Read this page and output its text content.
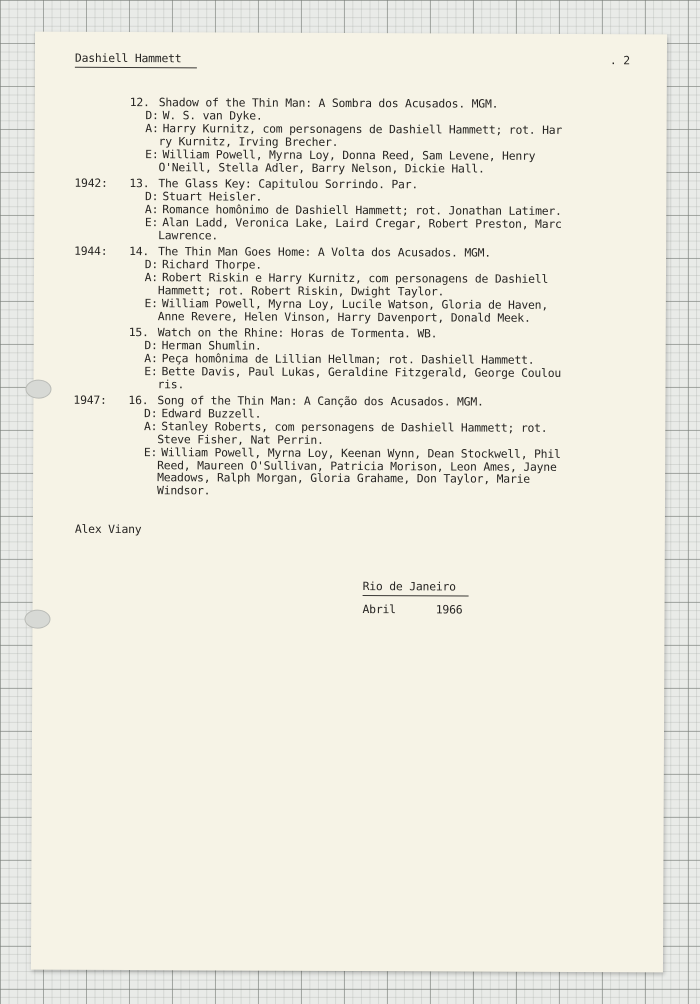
Dashiell Hammett	. 2
12. Shadow of the Thin Man: A Sombra dos Acusados. MGM.
D: W. S. van Dyke.
A: Harry Kurnitz, com personagens de Dashiell Hammett; rot. Har
ry Kurnitz, Irving Brecher.
E: William Powell, Myrna Loy, Donna Reed, Sam Levene, Henry
O'Neill, Stella Adler, Barry Nelson, Dickie Hall.
1942: 13. The Glass Key: Capitulou Sorrindo. Par.
D: Stuart Heisler.
A: Romance homônimo de Dashiell Hammett; rot. Jonathan Latimer.
E: Alan Ladd, Veronica Lake, Laird Cregar, Robert Preston, Marc
Lawrence.
1944: 14. The Thin Man Goes Home: A Volta dos Acusados. MGM.
D: Richard Thorpe.
A: Robert Riskin e Harry Kurnitz, com personagens de Dashiell
Hammett; rot. Robert Riskin, Dwight Taylor.
E: William Powell, Myrna Loy, Lucile Watson, Gloria de Haven,
Anne Revere, Helen Vinson, Harry Davenport, Donald Meek.
15. Watch on the Rhine: Horas de Tormenta. WB.
D: Herman Shumlin.
A: Peça homônima de Lillian Hellman; rot. Dashiell Hammett.
E: Bette Davis, Paul Lukas, Geraldine Fitzgerald, George Coulou
ris.
1947: 16. Song of the Thin Man: A Canção dos Acusados. MGM.
D: Edward Buzzell.
A: Stanley Roberts, com personagens de Dashiell Hammett; rot.
Steve Fisher, Nat Perrin.
E: William Powell, Myrna Loy, Keenan Wynn, Dean Stockwell, Phil
Reed, Maureen O'Sullivan, Patricia Morison, Leon Ames, Jayne
Meadows, Ralph Morgan, Gloria Grahame, Don Taylor, Marie
Windsor.
Alex Viany
Rio de Janeiro
Abril      1966
